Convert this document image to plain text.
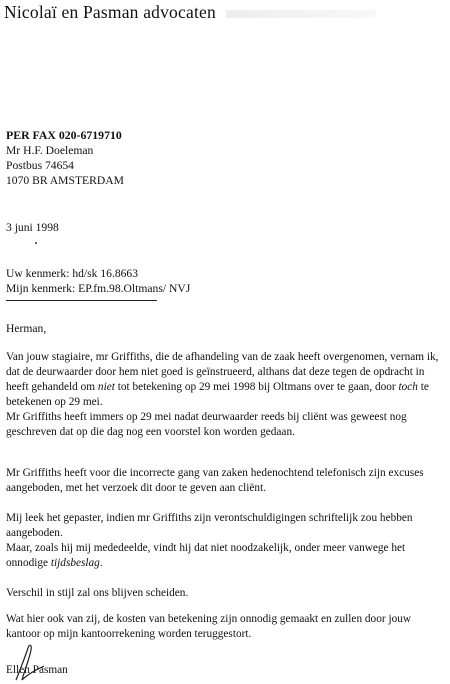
Nicolaï en Pasman advocaten
PER FAX 020-6719710
Mr H.F. Doeleman
Postbus 74654
1070 BR AMSTERDAM
3 juni 1998
Uw kenmerk: hd/sk 16.8663
Mijn kenmerk: EP.fm.98.Oltmans/ NVJ
Herman,

Van jouw stagiaire, mr Griffiths, die de afhandeling van de zaak heeft overgenomen, vernam ik, dat de deurwaarder door hem niet goed is geïnstrueerd, althans dat deze tegen de opdracht in heeft gehandeld om niet tot betekening op 29 mei 1998 bij Oltmans over te gaan, door toch te betekenen op 29 mei.

Mr Griffiths heeft immers op 29 mei nadat deurwaarder reeds bij cliënt was geweest nog geschreven dat op die dag nog een voorstel kon worden gedaan.
Mr Griffiths heeft voor die incorrecte gang van zaken hedenochtend telefonisch zijn excuses aangeboden, met het verzoek dit door te geven aan cliënt.

Mij leek het gepaster, indien mr Griffiths zijn verontschuldigingen schriftelijk zou hebben aangeboden.

Maar, zoals hij mij mededeelde, vindt hij dat niet noodzakelijk, onder meer vanwege het onnodige tijdsbeslag.

Verschil in stijl zal ons blijven scheiden.
Wat hier ook van zij, de kosten van betekening zijn onnodig gemaakt en zullen door jouw kantoor op mijn kantoorrekening worden teruggestort.
Ellen Pasman
